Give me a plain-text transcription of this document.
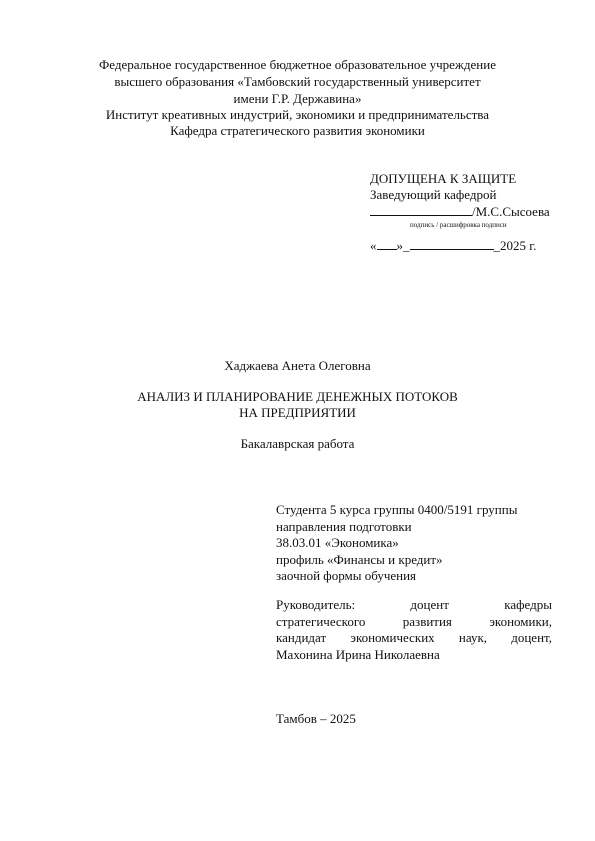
Федеральное государственное бюджетное образовательное учреждение
высшего образования «Тамбовский государственный университет
имени Г.Р. Державина»
Институт креативных индустрий, экономики и предпринимательства
Кафедра стратегического развития экономики
ДОПУЩЕНА К ЗАЩИТЕ
Заведующий кафедрой
/М.С.Сысоева
подпись / расшифровка подписи
« »_	_2025 г.
Хаджаева Анета Олеговна
АНАЛИЗ И ПЛАНИРОВАНИЕ ДЕНЕЖНЫХ ПОТОКОВ
НА ПРЕДПРИЯТИИ
Бакалаврская работа
Студента 5 курса группы 0400/5191 группы
направления подготовки
38.03.01 «Экономика»
профиль «Финансы и кредит»
заочной формы обучения
Руководитель: доцент кафедры
стратегического развития экономики,
кандидат экономических наук, доцент,
Махонина Ирина Николаевна
Тамбов – 2025
